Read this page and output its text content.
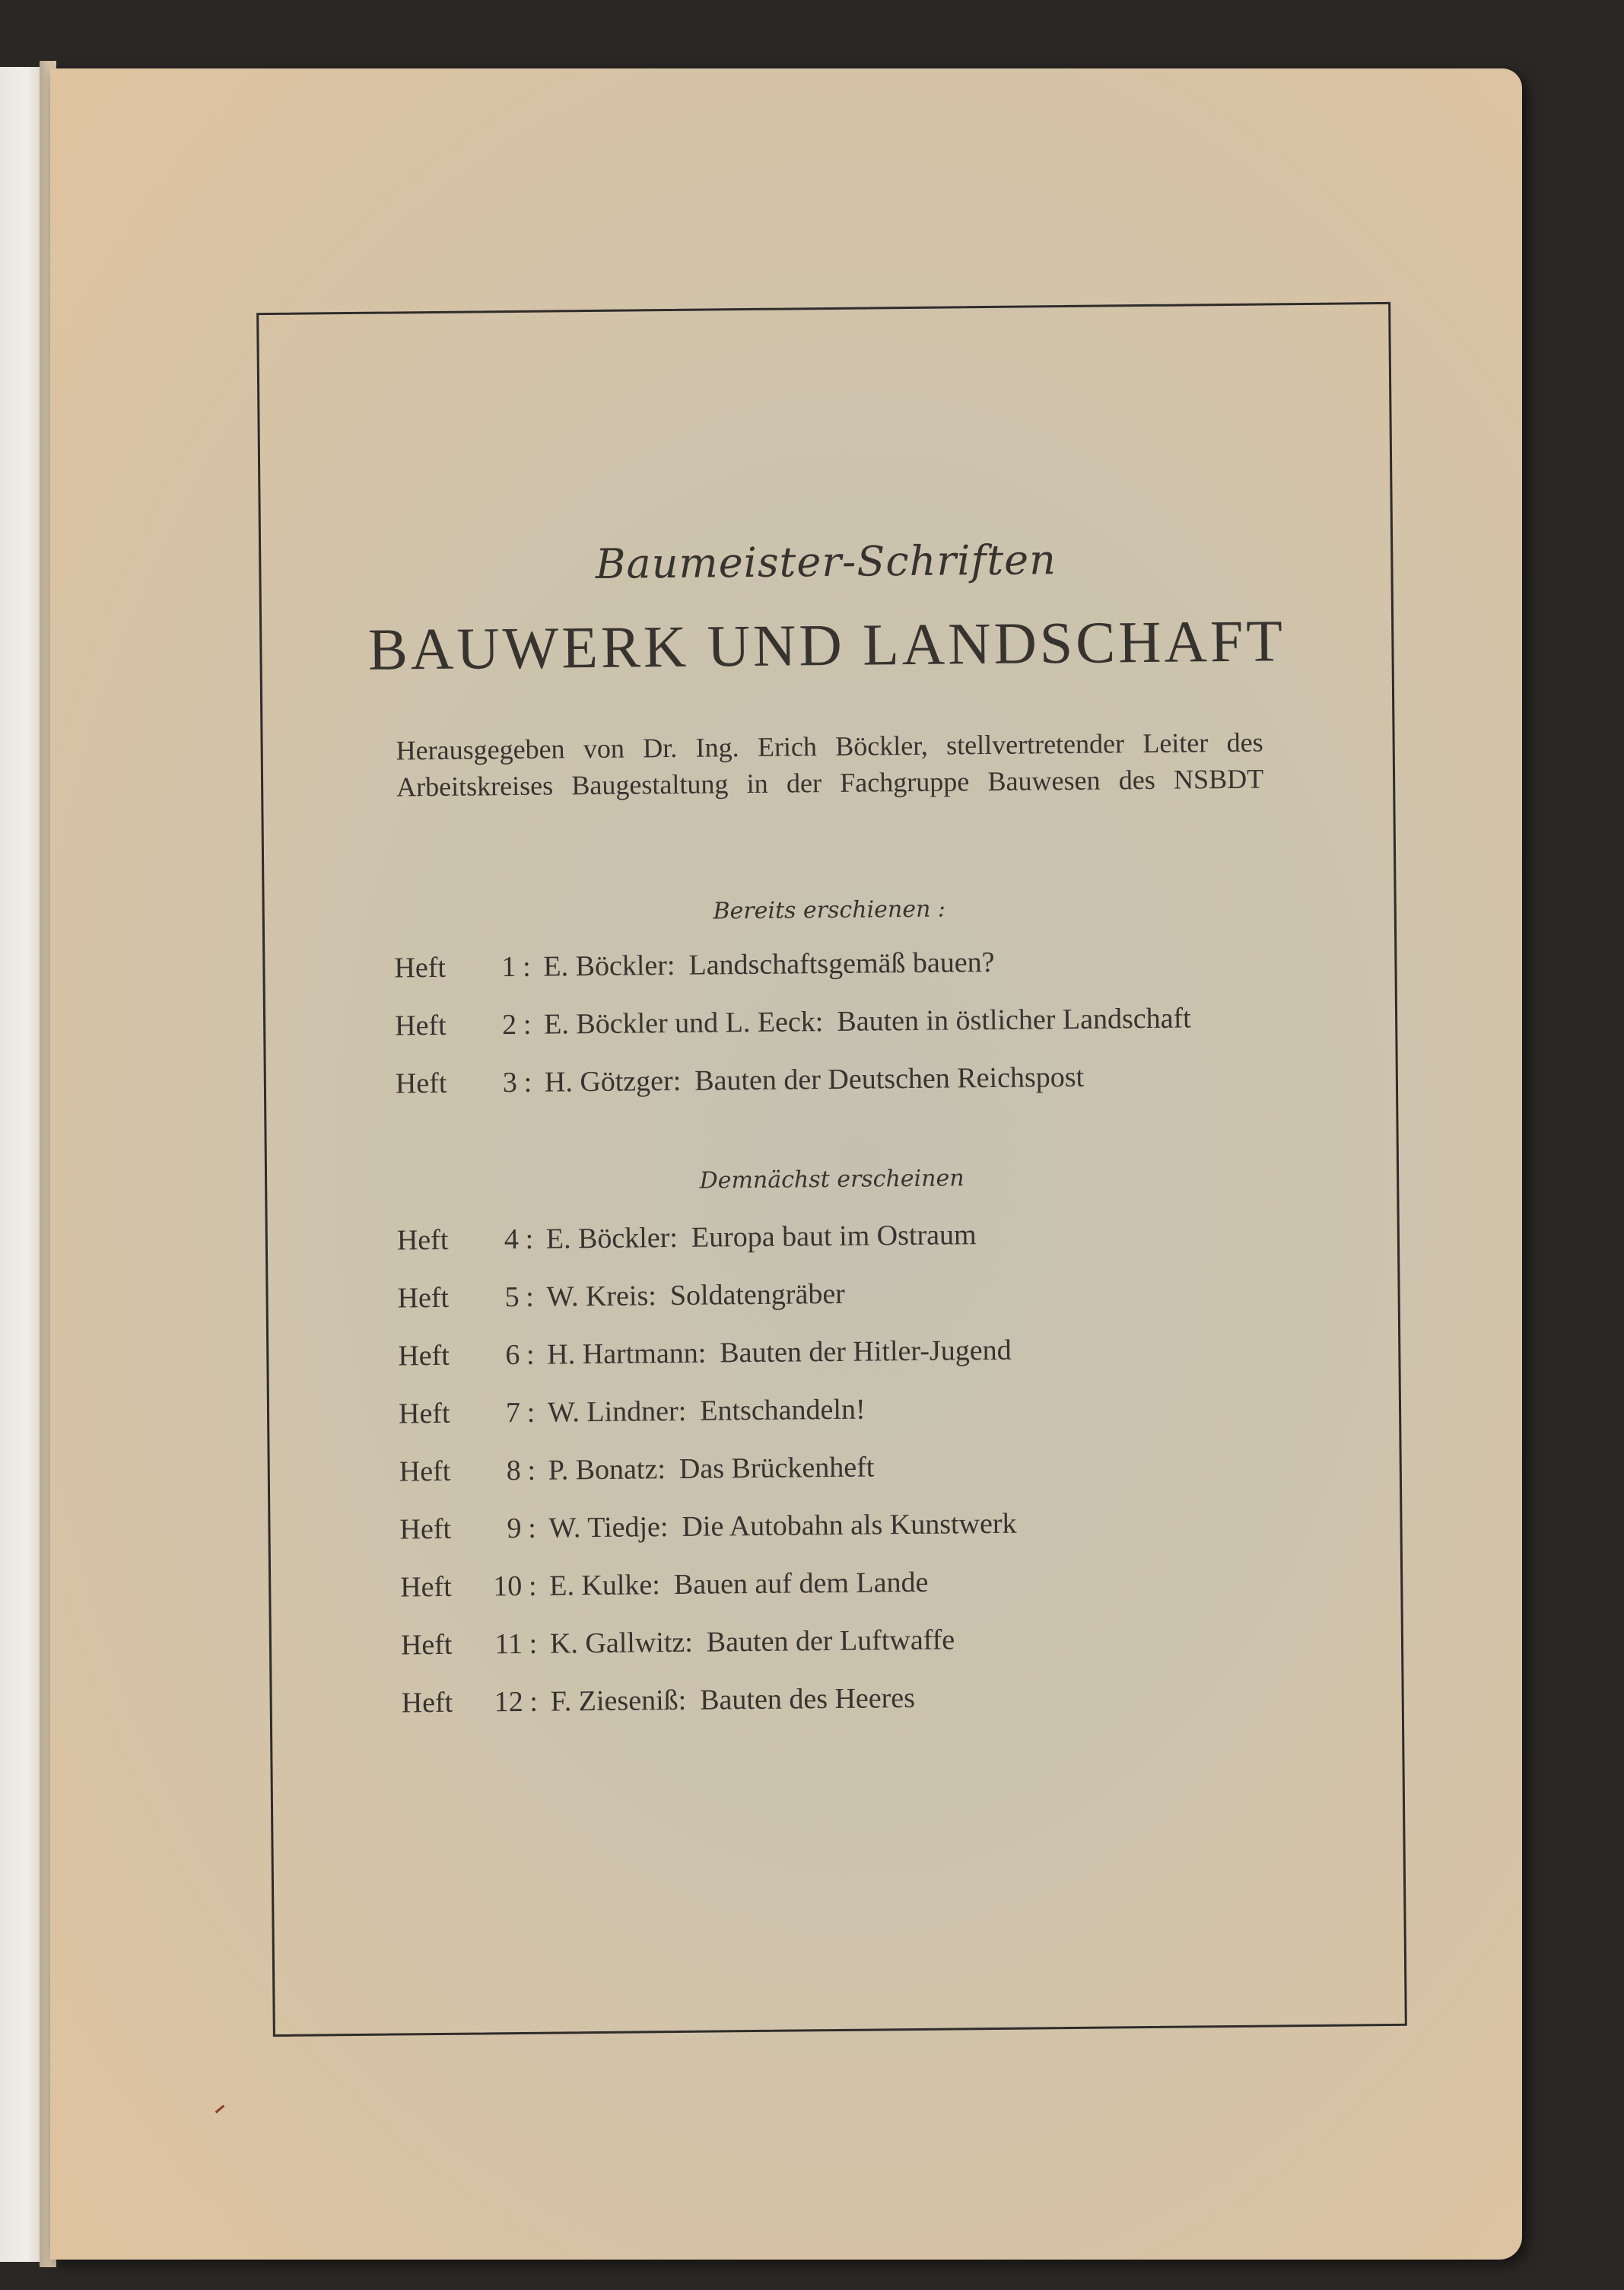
Baumeister-Schriften
BAUWERK UND LANDSCHAFT
Herausgegeben von Dr. Ing. Erich Böckler, stellvertretender Leiter des
Arbeitskreises Baugestaltung in der Fachgruppe Bauwesen des NSBDT
Bereits erschienen :
Heft	1 : E. Böckler : Landschaftsgemäß bauen?
Heft	2 : E. Böckler und L. Eeck : Bauten in östlicher Landschaft
Heft	3 : H. Götzger : Bauten der Deutschen Reichspost
Demnächst erscheinen
Heft	4 : E. Böckler : Europa baut im Ostraum
Heft	5 : W. Kreis : Soldatengräber
Heft	6 : H. Hartmann : Bauten der Hitler-Jugend
Heft	7 : W. Lindner : Entschandeln!
Heft	8 : P. Bonatz : Das Brückenheft
Heft	9 : W. Tiedje : Die Autobahn als Kunstwerk
Heft	10 : E. Kulke : Bauen auf dem Lande
Heft	11 : K. Gallwitz : Bauten der Luftwaffe
Heft	12 : F. Ziesenіß : Bauten des Heeres
